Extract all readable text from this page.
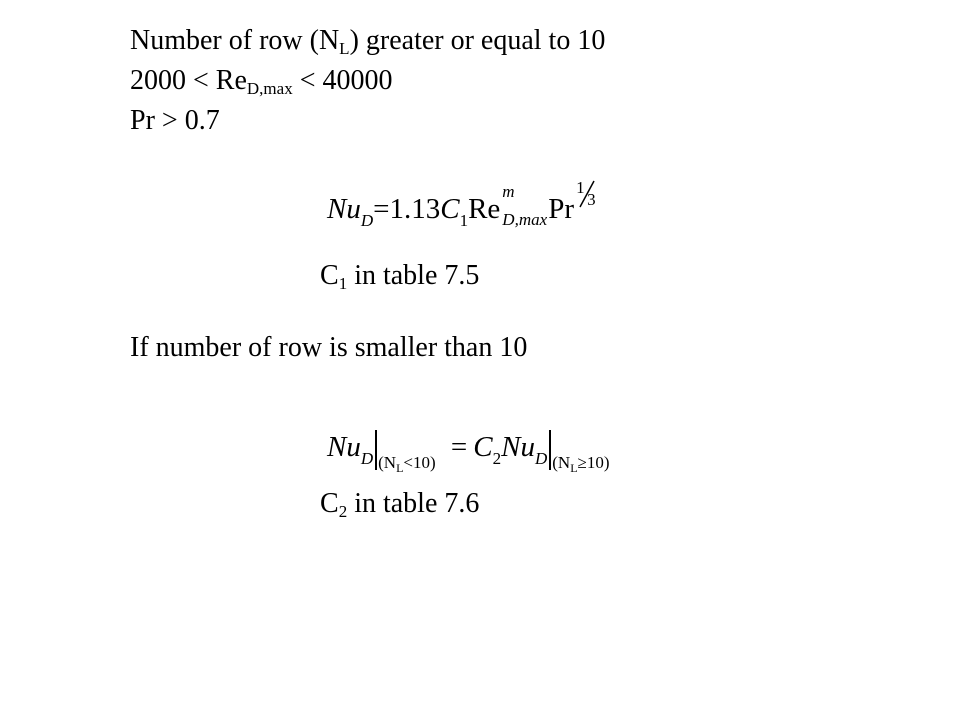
Number of row $(N_L)$ greater or equal to 10
$2000 < Re_{D,max} < 40000$
Pr > 0.7
$Nu_D=1.13C_1Re$
m
D,max Pr
1
3
$C_1$ in table 7.5
If number of row is smaller than 10
$Nu_D$ $_{(N_L<10)} = C_2Nu_D$ $_{(N_L\ge 10)}$
$C_2$ in table 7.6
